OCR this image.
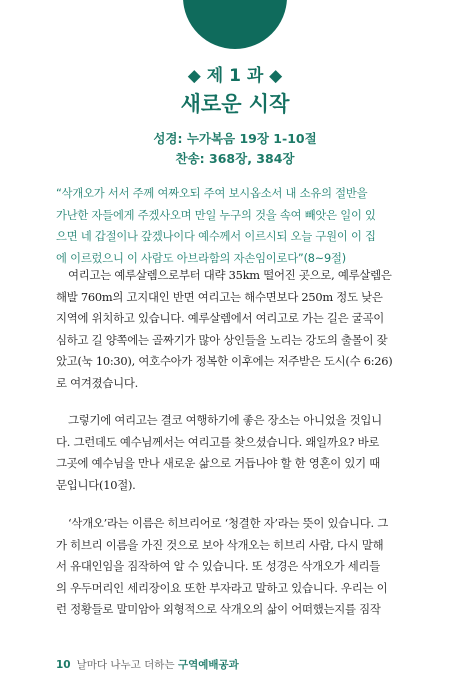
◆ 제 1 과 ◆
새로운 시작
성경: 누가복음 19장 1-10절
찬송: 368장, 384장
“삭개오가 서서 주께 여짜오되 주여 보시옵소서 내 소유의 절반을
가난한 자들에게 주겠사오며 만일 누구의 것을 속여 빼앗은 일이 있
으면 네 갑절이나 갚겠나이다 예수께서 이르시되 오늘 구원이 이 집
에 이르렀으니 이 사람도 아브라함의 자손임이로다”(8~9절)
여리고는 예루살렘으로부터 대략 35km 떨어진 곳으로, 예루살렘은
해발 760m의 고지대인 반면 여리고는 해수면보다 250m 정도 낮은
지역에 위치하고 있습니다. 예루살렘에서 여리고로 가는 길은 굴곡이
심하고 길 양쪽에는 골짜기가 많아 상인들을 노리는 강도의 출몰이 잦
았고(눅 10:30), 여호수아가 정복한 이후에는 저주받은 도시(수 6:26)
로 여겨졌습니다.
그렇기에 여리고는 결코 여행하기에 좋은 장소는 아니었을 것입니
다. 그런데도 예수님께서는 여리고를 찾으셨습니다. 왜일까요? 바로
그곳에 예수님을 만나 새로운 삶으로 거듭나야 할 한 영혼이 있기 때
문입니다(10절).
‘삭개오’라는 이름은 히브리어로 ‘청결한 자’라는 뜻이 있습니다. 그
가 히브리 이름을 가진 것으로 보아 삭개오는 히브리 사람, 다시 말해
서 유대인임을 짐작하여 알 수 있습니다. 또 성경은 삭개오가 세리들
의 우두머리인 세리장이요 또한 부자라고 말하고 있습니다. 우리는 이
런 정황들로 말미암아 외형적으로 삭개오의 삶이 어떠했는지를 짐작
10 날마다 나누고 더하는 구역예배공과
